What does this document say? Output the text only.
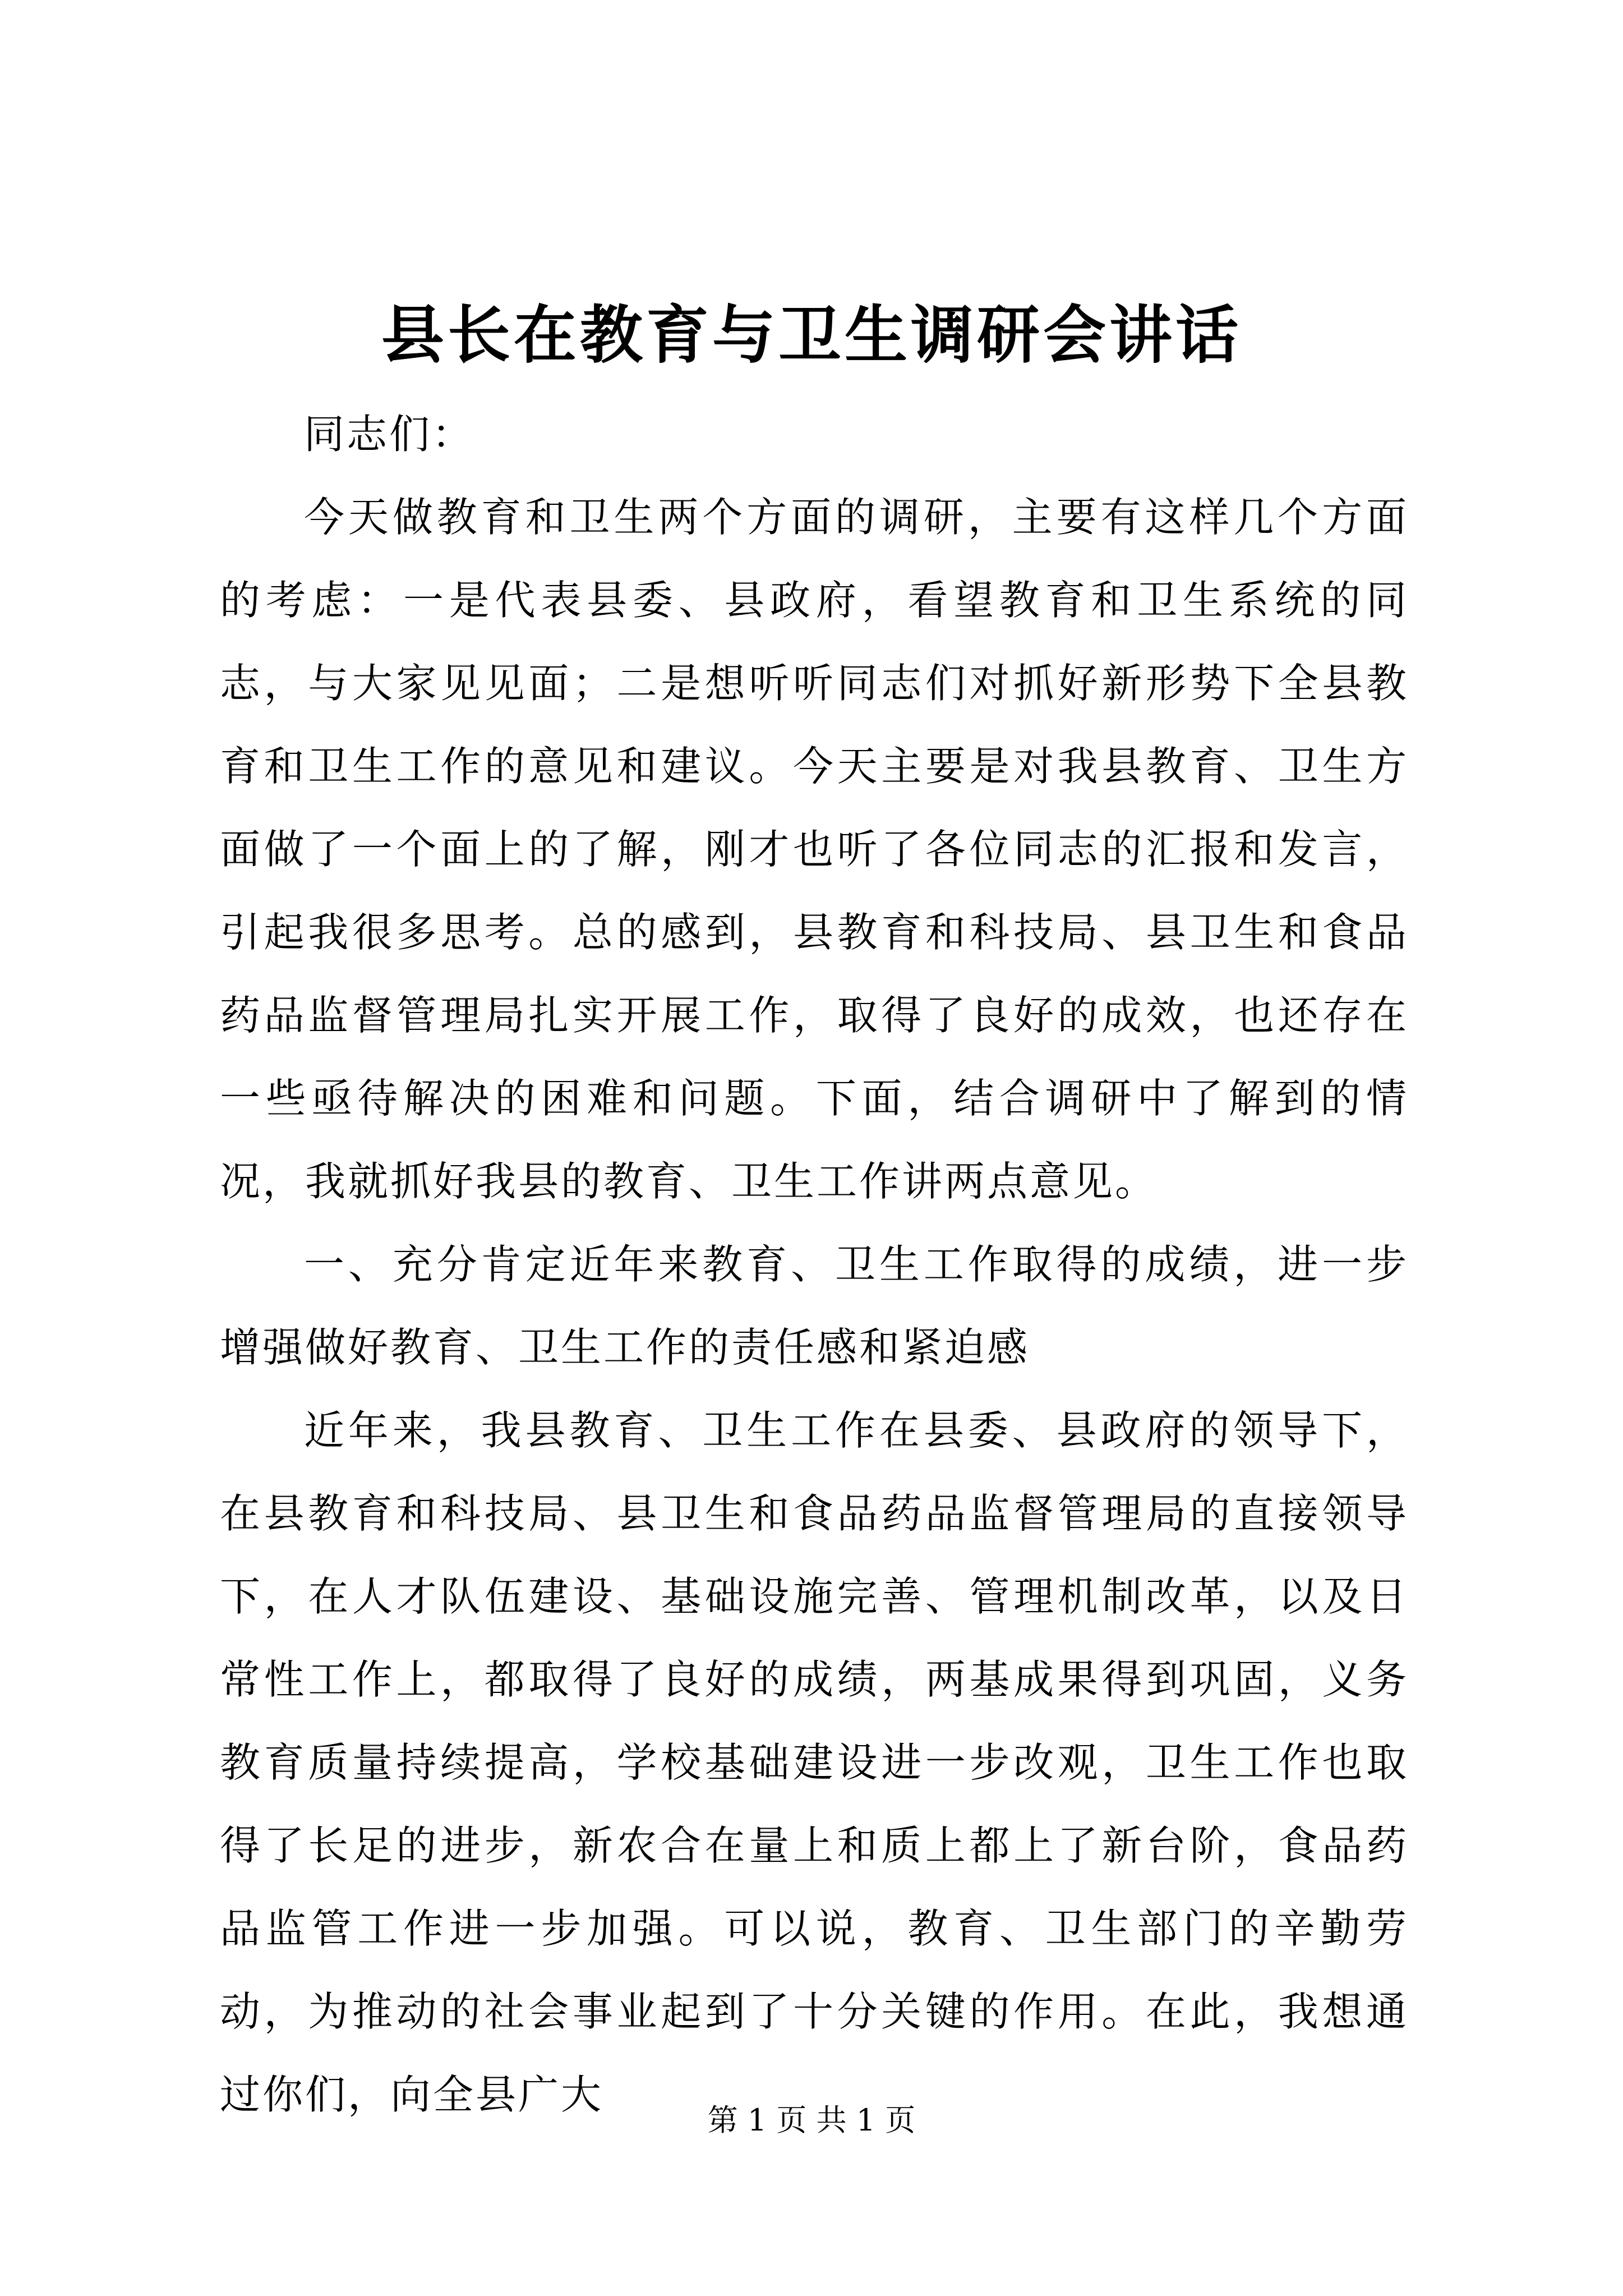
县长在教育与卫生调研会讲话

同志们：

今天做教育和卫生两个方面的调研，主要有这样几个方面的考虑：一是代表县委、县政府，看望教育和卫生系统的同志，与大家见见面；二是想听听同志们对抓好新形势下全县教育和卫生工作的意见和建议。今天主要是对我县教育、卫生方面做了一个面上的了解，刚才也听了各位同志的汇报和发言，引起我很多思考。总的感到，县教育和科技局、县卫生和食品药品监督管理局扎实开展工作，取得了良好的成效，也还存在一些亟待解决的困难和问题。下面，结合调研中了解到的情况，我就抓好我县的教育、卫生工作讲两点意见。

一、充分肯定近年来教育、卫生工作取得的成绩，进一步增强做好教育、卫生工作的责任感和紧迫感

近年来，我县教育、卫生工作在县委、县政府的领导下，在县教育和科技局、县卫生和食品药品监督管理局的直接领导下，在人才队伍建设、基础设施完善、管理机制改革，以及日常性工作上，都取得了良好的成绩，两基成果得到巩固，义务教育质量持续提高，学校基础建设进一步改观，卫生工作也取得了长足的进步，新农合在量上和质上都上了新台阶，食品药品监管工作进一步加强。可以说，教育、卫生部门的辛勤劳动，为推动的社会事业起到了十分关键的作用。在此，我想通过你们，向全县广大

第 1 页 共 1 页
